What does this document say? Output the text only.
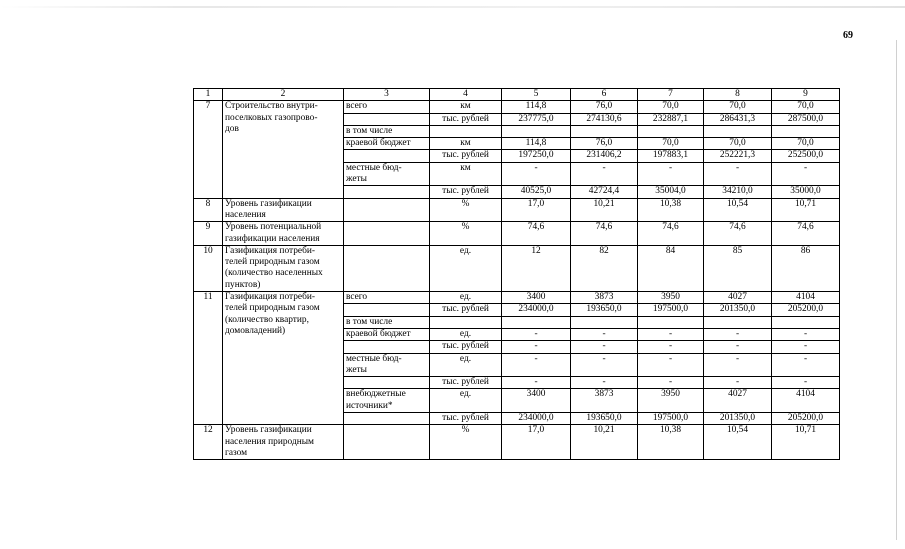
69
1	2	3	4	5	6	7	8	9
7	Строительство внутри-
поселковых газопрово-
дов	всего	км	114,8	76,0	70,0	70,0	70,0

			тыс. рублей	237775,0	274130,6	232887,1	286431,3	287500,0

		в том числе						

		краевой бюджет	км	114,8	76,0	70,0	70,0	70,0

			тыс. рублей	197250,0	231406,2	197883,1	252221,3	252500,0

		местные бюд-
жеты	км	-	-	-	-	-

			тыс. рублей	40525,0	42724,4	35004,0	34210,0	35000,0
8	Уровень газификации
населения		%	17,0	10,21	10,38	10,54	10,71
9	Уровень потенциальной
газификации населения		%	74,6	74,6	74,6	74,6	74,6
10	Газификация потреби-
телей природным газом
(количество населенных
пунктов)		ед.	12	82	84	85	86
11	Газификация потреби-
телей природным газом
(количество квартир,
домовладений)	всего	ед.	3400	3873	3950	4027	4104

			тыс. рублей	234000,0	193650,0	197500,0	201350,0	205200,0

		в том числе						

		краевой бюджет	ед.	-	-	-	-	-

			тыс. рублей	-	-	-	-	-

		местные бюд-
жеты	ед.	-	-	-	-	-

			тыс. рублей	-	-	-	-	-

		внебюджетные
источники*	ед.	3400	3873	3950	4027	4104

			тыс. рублей	234000,0	193650,0	197500,0	201350,0	205200,0
12	Уровень газификации
населения природным
газом		%	17,0	10,21	10,38	10,54	10,71
